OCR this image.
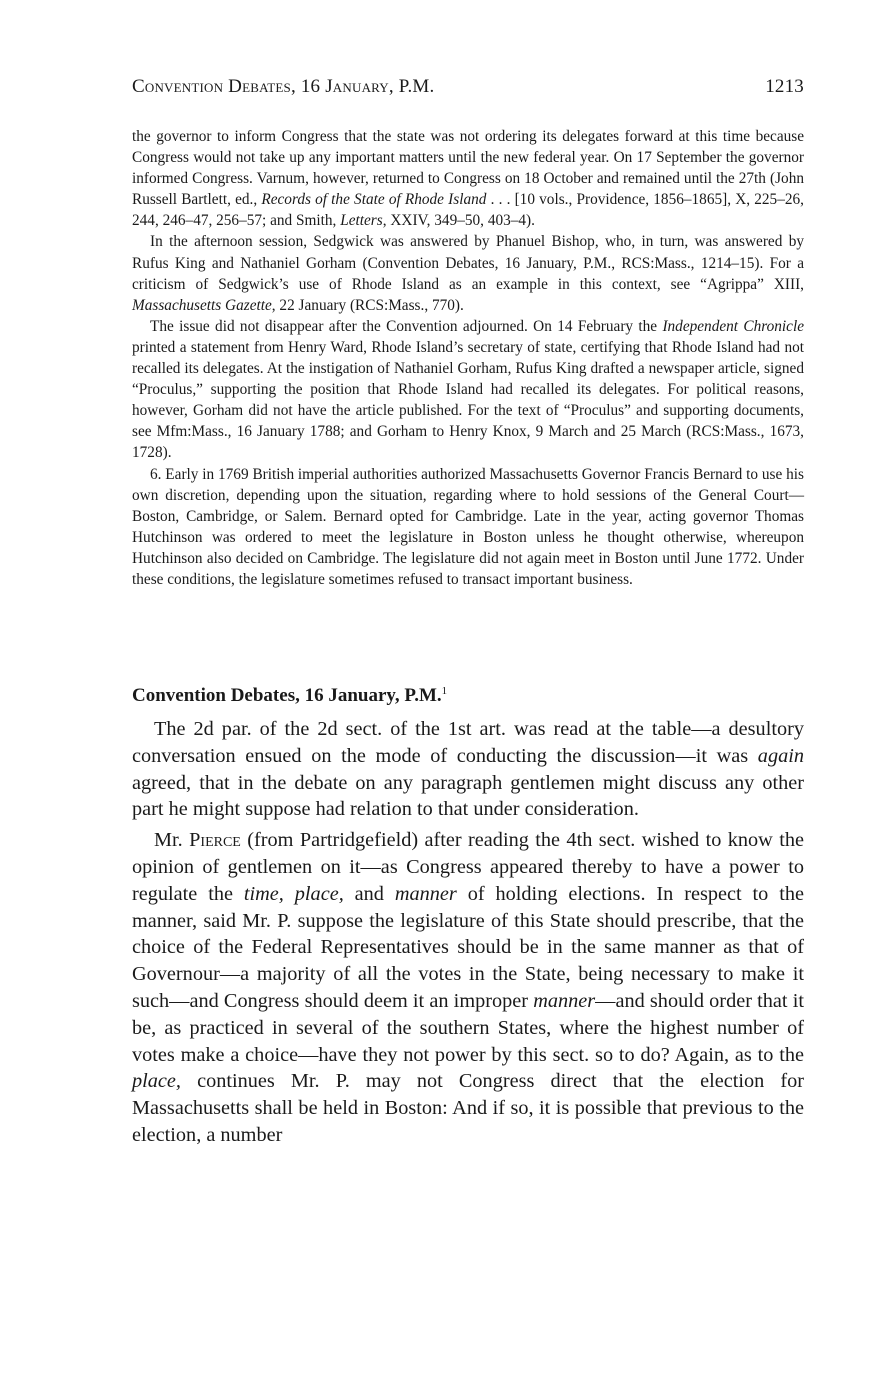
Convention Debates, 16 January, P.M.	1213

the governor to inform Congress that the state was not ordering its delegates forward at this time because Congress would not take up any important matters until the new federal year. On 17 September the governor informed Congress. Varnum, however, returned to Congress on 18 October and remained until the 27th (John Russell Bartlett, ed., Records of the State of Rhode Island . . . [10 vols., Providence, 1856–1865], X, 225–26, 244, 246–47, 256–57; and Smith, Letters, XXIV, 349–50, 403–4).

In the afternoon session, Sedgwick was answered by Phanuel Bishop, who, in turn, was answered by Rufus King and Nathaniel Gorham (Convention Debates, 16 January, P.M., RCS:Mass., 1214–15). For a criticism of Sedgwick’s use of Rhode Island as an example in this context, see “Agrippa” XIII, Massachusetts Gazette, 22 January (RCS:Mass., 770).

The issue did not disappear after the Convention adjourned. On 14 February the Independent Chronicle printed a statement from Henry Ward, Rhode Island’s secretary of state, certifying that Rhode Island had not recalled its delegates. At the instigation of Nathaniel Gorham, Rufus King drafted a newspaper article, signed “Proculus,” supporting the position that Rhode Island had recalled its delegates. For political reasons, however, Gorham did not have the article published. For the text of “Proculus” and supporting documents, see Mfm:Mass., 16 January 1788; and Gorham to Henry Knox, 9 March and 25 March (RCS:Mass., 1673, 1728).

6. Early in 1769 British imperial authorities authorized Massachusetts Governor Francis Bernard to use his own discretion, depending upon the situation, regarding where to hold sessions of the General Court—Boston, Cambridge, or Salem. Bernard opted for Cambridge. Late in the year, acting governor Thomas Hutchinson was ordered to meet the legislature in Boston unless he thought otherwise, whereupon Hutchinson also decided on Cambridge. The legislature did not again meet in Boston until June 1772. Under these conditions, the legislature sometimes refused to transact important business.

Convention Debates, 16 January, P.M.$^1$

The 2d par. of the 2d sect. of the 1st art. was read at the table—a desultory conversation ensued on the mode of conducting the discussion—it was again agreed, that in the debate on any paragraph gentlemen might discuss any other part he might suppose had relation to that under consideration.

Mr. Pierce (from Partridgefield) after reading the 4th sect. wished to know the opinion of gentlemen on it—as Congress appeared thereby to have a power to regulate the time, place, and manner of holding elections. In respect to the manner, said Mr. P. suppose the legislature of this State should prescribe, that the choice of the Federal Representatives should be in the same manner as that of Governour—a majority of all the votes in the State, being necessary to make it such—and Congress should deem it an improper manner—and should order that it be, as practiced in several of the southern States, where the highest number of votes make a choice—have they not power by this sect. so to do? Again, as to the place, continues Mr. P. may not Congress direct that the election for Massachusetts shall be held in Boston: And if so, it is possible that previous to the election, a number
